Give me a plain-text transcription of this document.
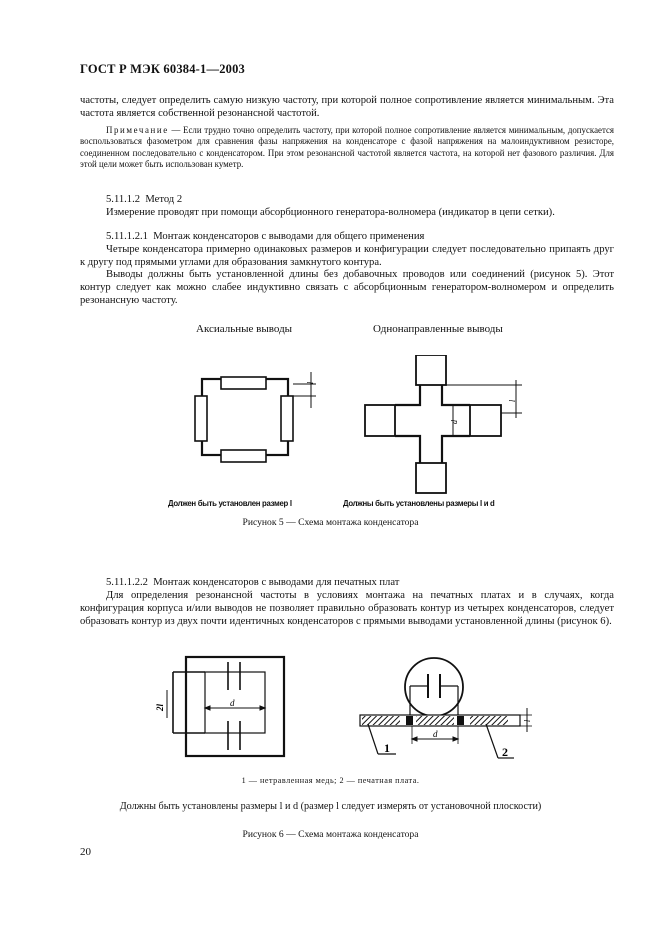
ГОСТ Р МЭК 60384-1—2003
частоты, следует определить самую низкую частоту, при которой полное сопротивление является минимальным. Эта частота является собственной резонансной частотой.
Примечание — Если трудно точно определить частоту, при которой полное сопротивление является минимальным, допускается воспользоваться фазометром для сравнения фазы напряжения на конденсаторе с фазой напряжения на малоиндуктивном резисторе, соединенном последовательно с конденсатором. При этом резонансной частотой является частота, на которой нет фазового различия. Для этой цели может быть использован куметр.
5.11.1.2 Метод 2
Измерение проводят при помощи абсорбционного генератора-волномера (индикатор в цепи сетки).
5.11.1.2.1 Монтаж конденсаторов с выводами для общего применения
Четыре конденсатора примерно одинаковых размеров и конфигурации следует последовательно припаять друг к другу под прямыми углами для образования замкнутого контура.
Выводы должны быть установленной длины без добавочных проводов или соединений (рисунок 5). Этот контур следует как можно слабее индуктивно связать с абсорбционным генератором-волномером и определить резонансную частоту.
Аксиальные выводы	Однонаправленные выводы
l
l
d
Должен быть установлен размер l	Должны быть установлены размеры l и d
Рисунок 5 — Схема монтажа конденсатора
5.11.1.2.2 Монтаж конденсаторов с выводами для печатных плат
Для определения резонансной частоты в условиях монтажа на печатных платах и в случаях, когда конфигурация корпуса и/или выводов не позволяет правильно образовать контур из четырех конденсаторов, следует образовать контур из двух почти идентичных конденсаторов с прямыми выводами установленной длины (рисунок 6).
2l	d
d
l
1	2
1 — нетравленная медь; 2 — печатная плата.
Должны быть установлены размеры l и d (размер l следует измерять от установочной плоскости)
Рисунок 6 — Схема монтажа конденсатора
20
